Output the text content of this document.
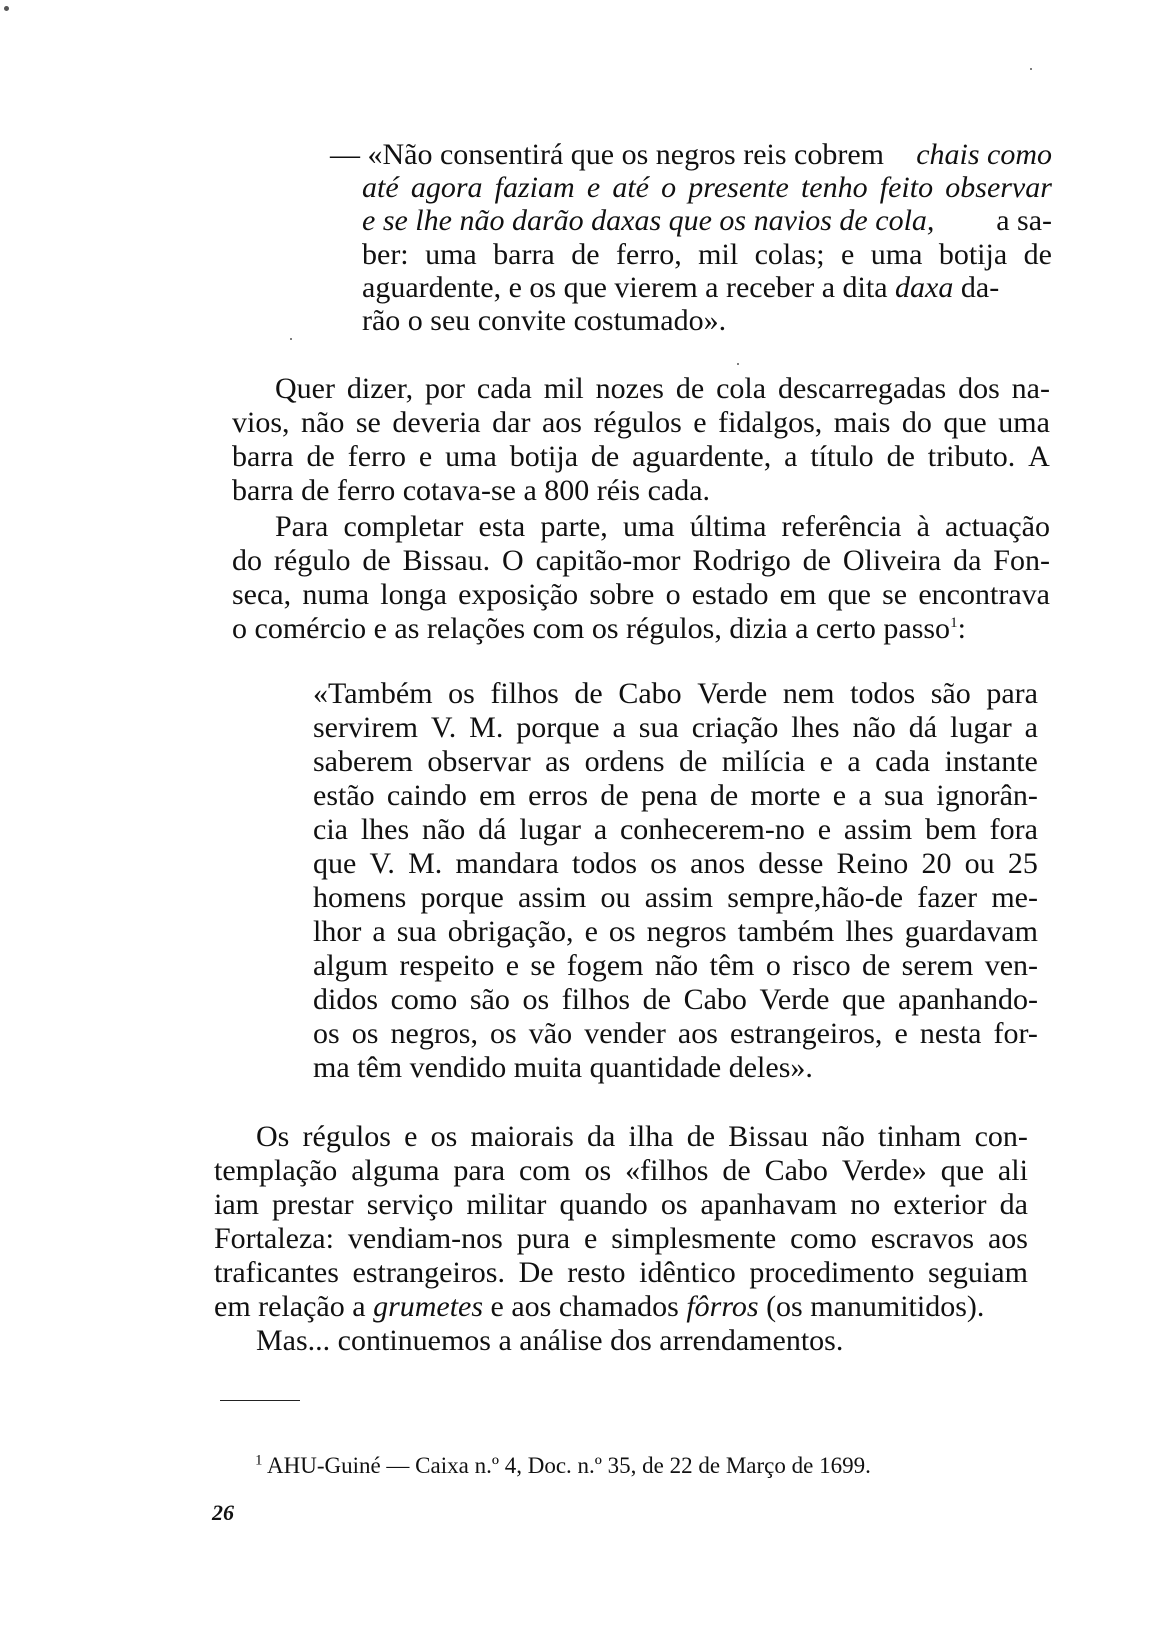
— «Não consentirá que os negros reis cobrem chais como
até agora faziam e até o presente tenho feito observar
e se lhe não darão daxas que os navios de cola, a sa-
ber: uma barra de ferro, mil colas; e uma botija de
aguardente, e os que vierem a receber a dita daxa da-
rão o seu convite costumado».
Quer dizer, por cada mil nozes de cola descarregadas dos na-
vios, não se deveria dar aos régulos e fidalgos, mais do que uma
barra de ferro e uma botija de aguardente, a título de tributo. A
barra de ferro cotava-se a 800 réis cada.
Para completar esta parte, uma última referência à actuação
do régulo de Bissau. O capitão-mor Rodrigo de Oliveira da Fon-
seca, numa longa exposição sobre o estado em que se encontrava
o comércio e as relações com os régulos, dizia a certo passo$^1$:
«Também os filhos de Cabo Verde nem todos são para
servirem V. M. porque a sua criação lhes não dá lugar a
saberem observar as ordens de milícia e a cada instante
estão caindo em erros de pena de morte e a sua ignorân-
cia lhes não dá lugar a conhecerem-no e assim bem fora
que V. M. mandara todos os anos desse Reino 20 ou 25
homens porque assim ou assim sempre,hão-de fazer me-
lhor a sua obrigação, e os negros também lhes guardavam
algum respeito e se fogem não têm o risco de serem ven-
didos como são os filhos de Cabo Verde que apanhando-
os os negros, os vão vender aos estrangeiros, e nesta for-
ma têm vendido muita quantidade deles».
Os régulos e os maiorais da ilha de Bissau não tinham con-
templação alguma para com os «filhos de Cabo Verde» que ali
iam prestar serviço militar quando os apanhavam no exterior da
Fortaleza: vendiam-nos pura e simplesmente como escravos aos
traficantes estrangeiros. De resto idêntico procedimento seguiam
em relação a grumetes e aos chamados fôrros (os manumitidos).
Mas... continuemos a análise dos arrendamentos.
$^1$ AHU-Guiné — Caixa n.º 4, Doc. n.º 35, de 22 de Março de 1699.
26
